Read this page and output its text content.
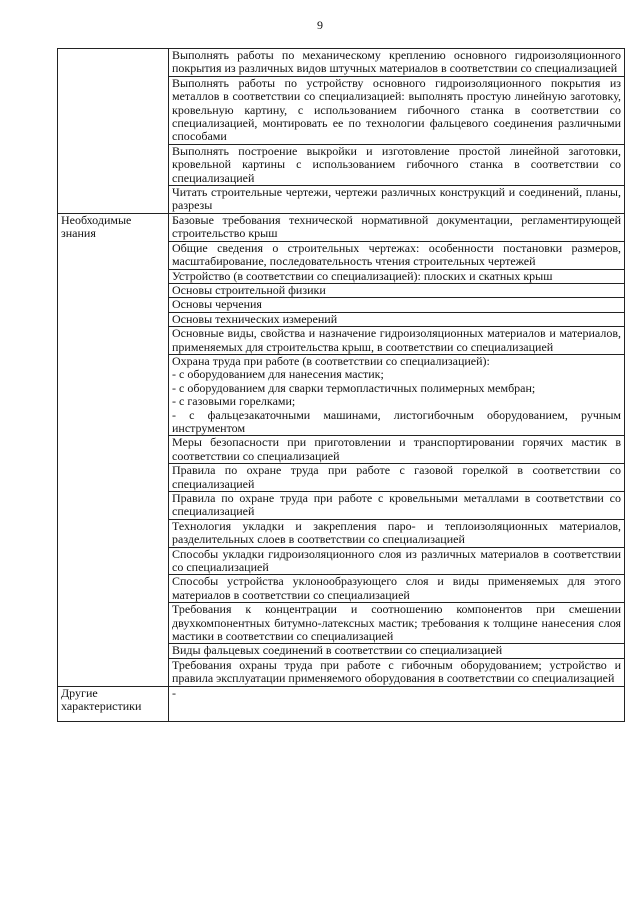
9

	Выполнять работы по механическому креплению основного гидроизоляционного покрытия из различных видов штучных материалов в соответствии со специализацией

	Выполнять работы по устройству основного гидроизоляционного покрытия из металлов в соответствии со специализацией: выполнять простую линейную заготовку, кровельную картину, с использованием гибочного станка в соответствии со специализацией, монтировать ее по технологии фальцевого соединения различными способами

	Выполнять построение выкройки и изготовление простой линейной заготовки, кровельной картины с использованием гибочного станка в соответствии со специализацией

	Читать строительные чертежи, чертежи различных конструкций и соединений, планы, разрезы

Необходимые знания	Базовые требования технической нормативной документации, регламентирующей строительство крыш

	Общие сведения о строительных чертежах: особенности постановки размеров, масштабирование, последовательность чтения строительных чертежей

	Устройство (в соответствии со специализацией): плоских и скатных крыш

	Основы строительной физики

	Основы черчения

	Основы технических измерений

	Основные виды, свойства и назначение гидроизоляционных материалов и материалов, применяемых для строительства крыш, в соответствии со специализацией

	Охрана труда при работе (в соответствии со специализацией):
- с оборудованием для нанесения мастик;
- с оборудованием для сварки термопластичных полимерных мембран;
- с газовыми горелками;
- с фальцезакаточными машинами, листогибочным оборудованием, ручным инструментом

	Меры безопасности при приготовлении и транспортировании горячих мастик в соответствии со специализацией

	Правила по охране труда при работе с газовой горелкой в соответствии со специализацией

	Правила по охране труда при работе с кровельными металлами в соответствии со специализацией

	Технология укладки и закрепления паро- и теплоизоляционных материалов, разделительных слоев в соответствии со специализацией

	Способы укладки гидроизоляционного слоя из различных материалов в соответствии со специализацией

	Способы устройства уклонообразующего слоя и виды применяемых для этого материалов в соответствии со специализацией

	Требования к концентрации и соотношению компонентов при смешении двухкомпонентных битумно-латексных мастик; требования к толщине нанесения слоя мастики в соответствии со специализацией

	Виды фальцевых соединений в соответствии со специализацией

	Требования охраны труда при работе с гибочным оборудованием; устройство и правила эксплуатации применяемого оборудования в соответствии со специализацией

Другие характеристики	-
